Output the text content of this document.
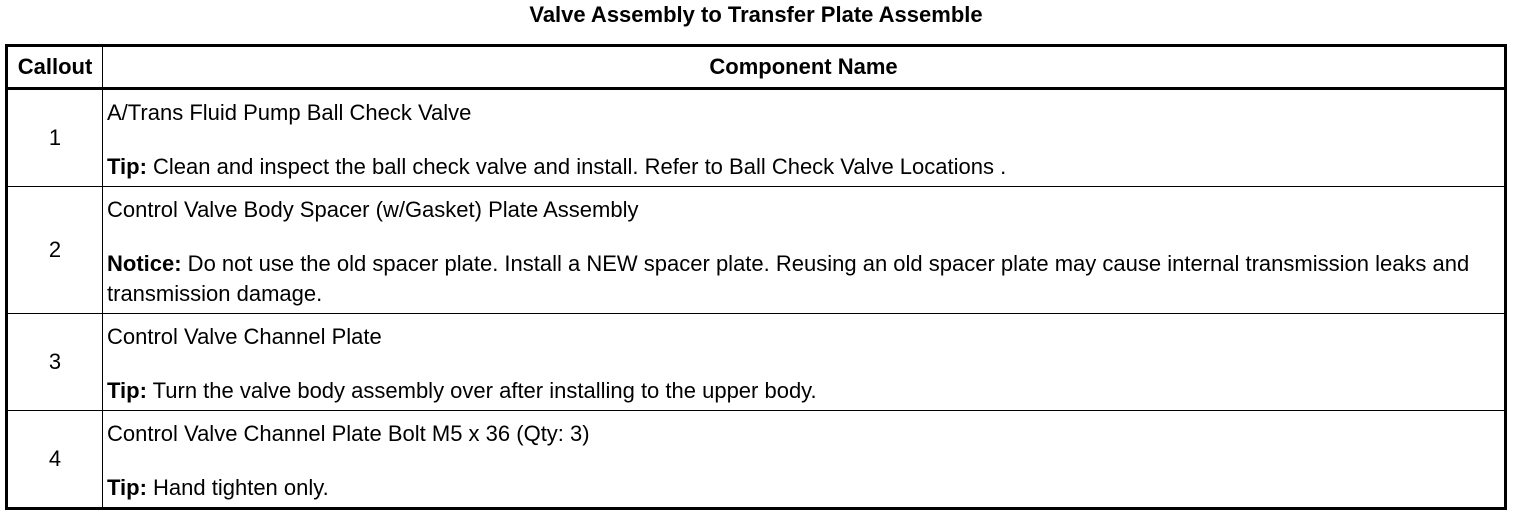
Valve Assembly to Transfer Plate Assemble
Callout	Component Name
1	A/Trans Fluid Pump Ball Check Valve
Tip: Clean and inspect the ball check valve and install. Refer to Ball Check Valve Locations .
2	Control Valve Body Spacer (w/Gasket) Plate Assembly
Notice: Do not use the old spacer plate. Install a NEW spacer plate. Reusing an old spacer plate may cause internal transmission leaks and transmission damage.
3	Control Valve Channel Plate
Tip: Turn the valve body assembly over after installing to the upper body.
4	Control Valve Channel Plate Bolt M5 x 36 (Qty: 3)
Tip: Hand tighten only.
